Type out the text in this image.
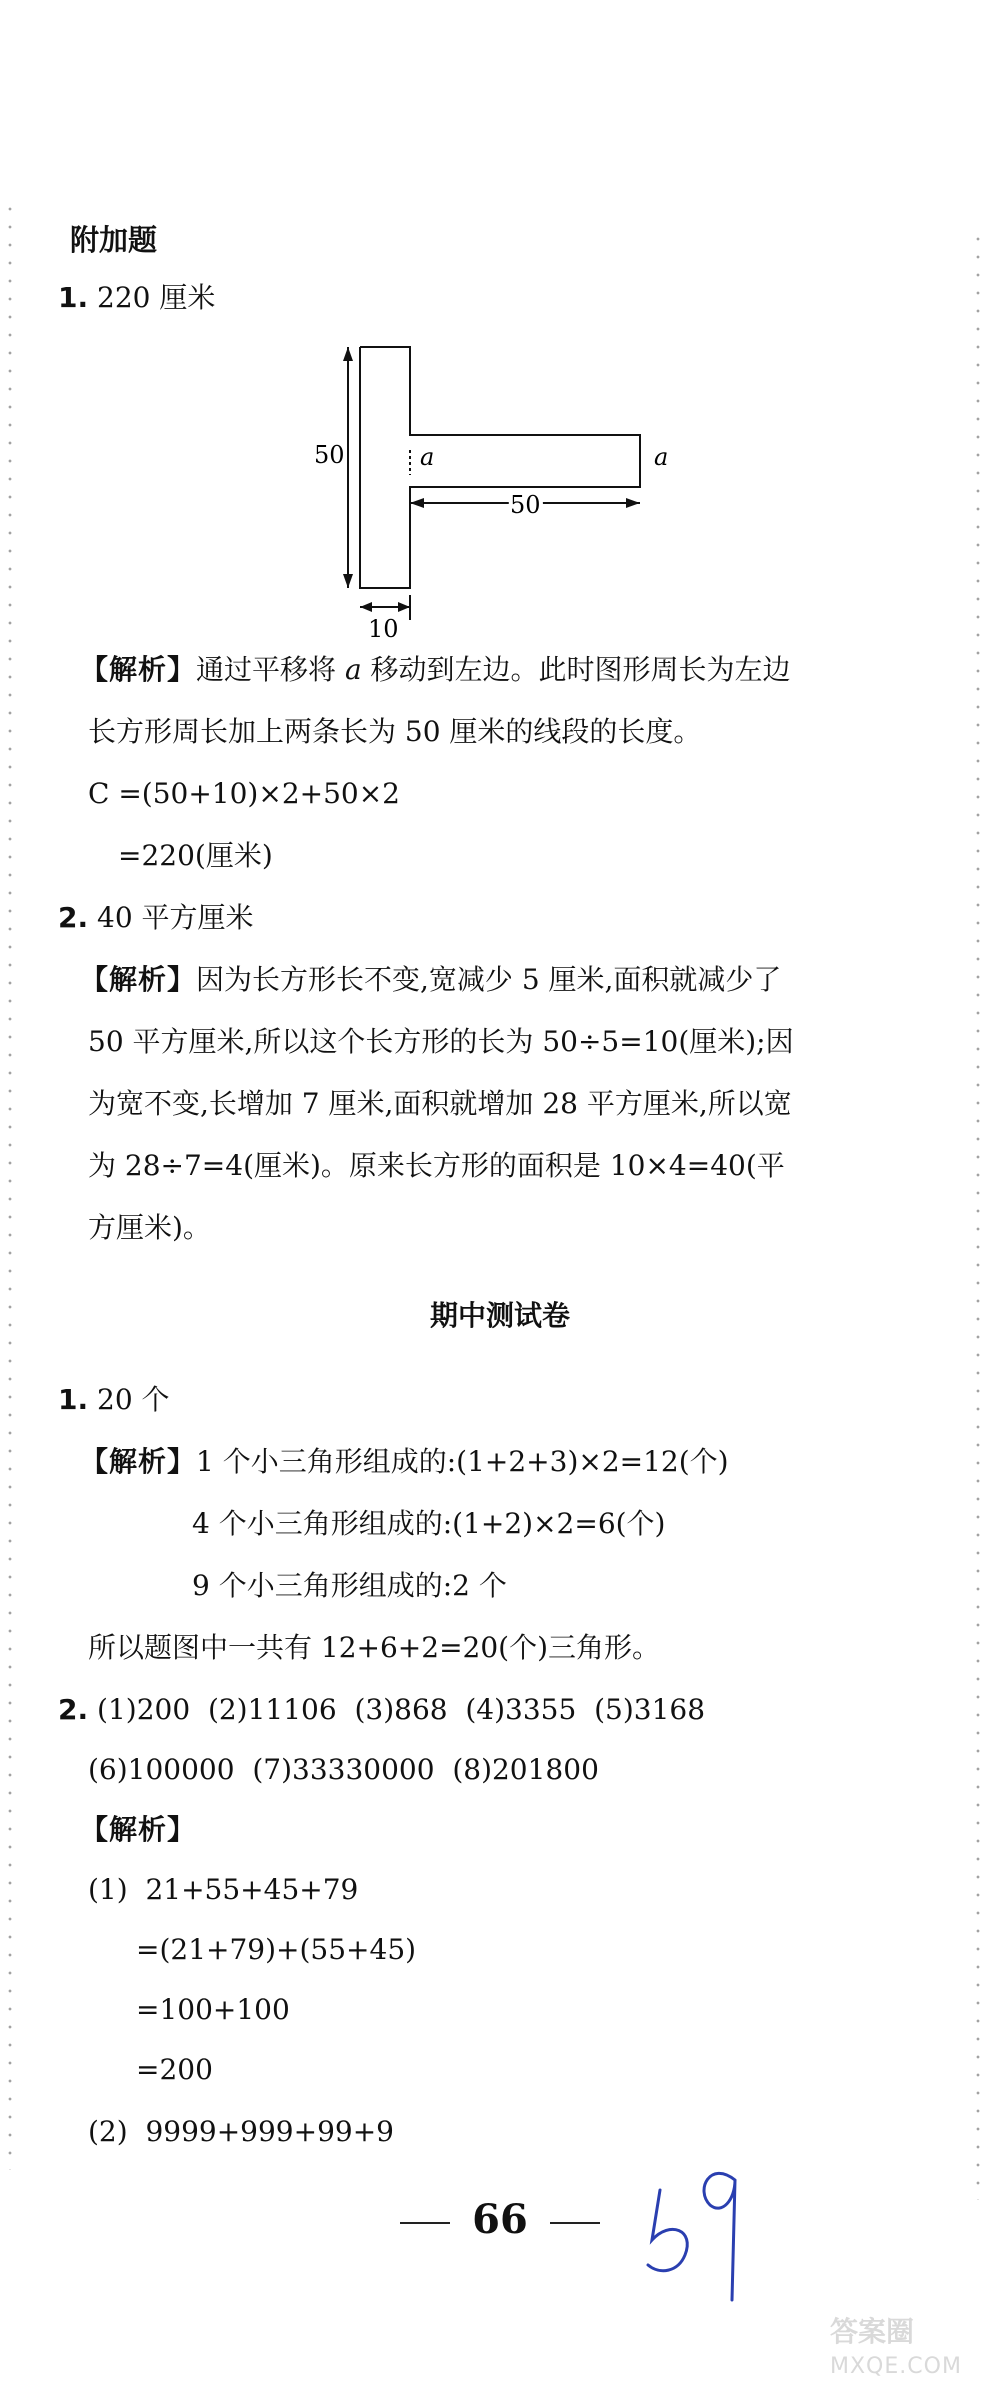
附加题
1. 220 厘米
50	a	a
50
10
【解析】通过平移将 a 移动到左边。此时图形周长为左边
长方形周长加上两条长为 50 厘米的线段的长度。
C =(50+10)×2+50×2
=220(厘米)
2. 40 平方厘米
【解析】因为长方形长不变,宽减少 5 厘米,面积就减少了
50 平方厘米,所以这个长方形的长为 50÷5=10(厘米);因
为宽不变,长增加 7 厘米,面积就增加 28 平方厘米,所以宽
为 28÷7=4(厘米)。原来长方形的面积是 10×4=40(平
方厘米)。
期中测试卷
1. 20 个
【解析】1 个小三角形组成的:(1+2+3)×2=12(个)
4 个小三角形组成的:(1+2)×2=6(个)
9 个小三角形组成的:2 个
所以题图中一共有 12+6+2=20(个)三角形。
2. (1)200  (2)11106  (3)868  (4)3355  (5)3168
(6)100000  (7)33330000  (8)201800
【解析】
(1)  21+55+45+79
=(21+79)+(55+45)
=100+100
=200
(2)  9999+999+99+9
66
答案圈
MXQE.COM
